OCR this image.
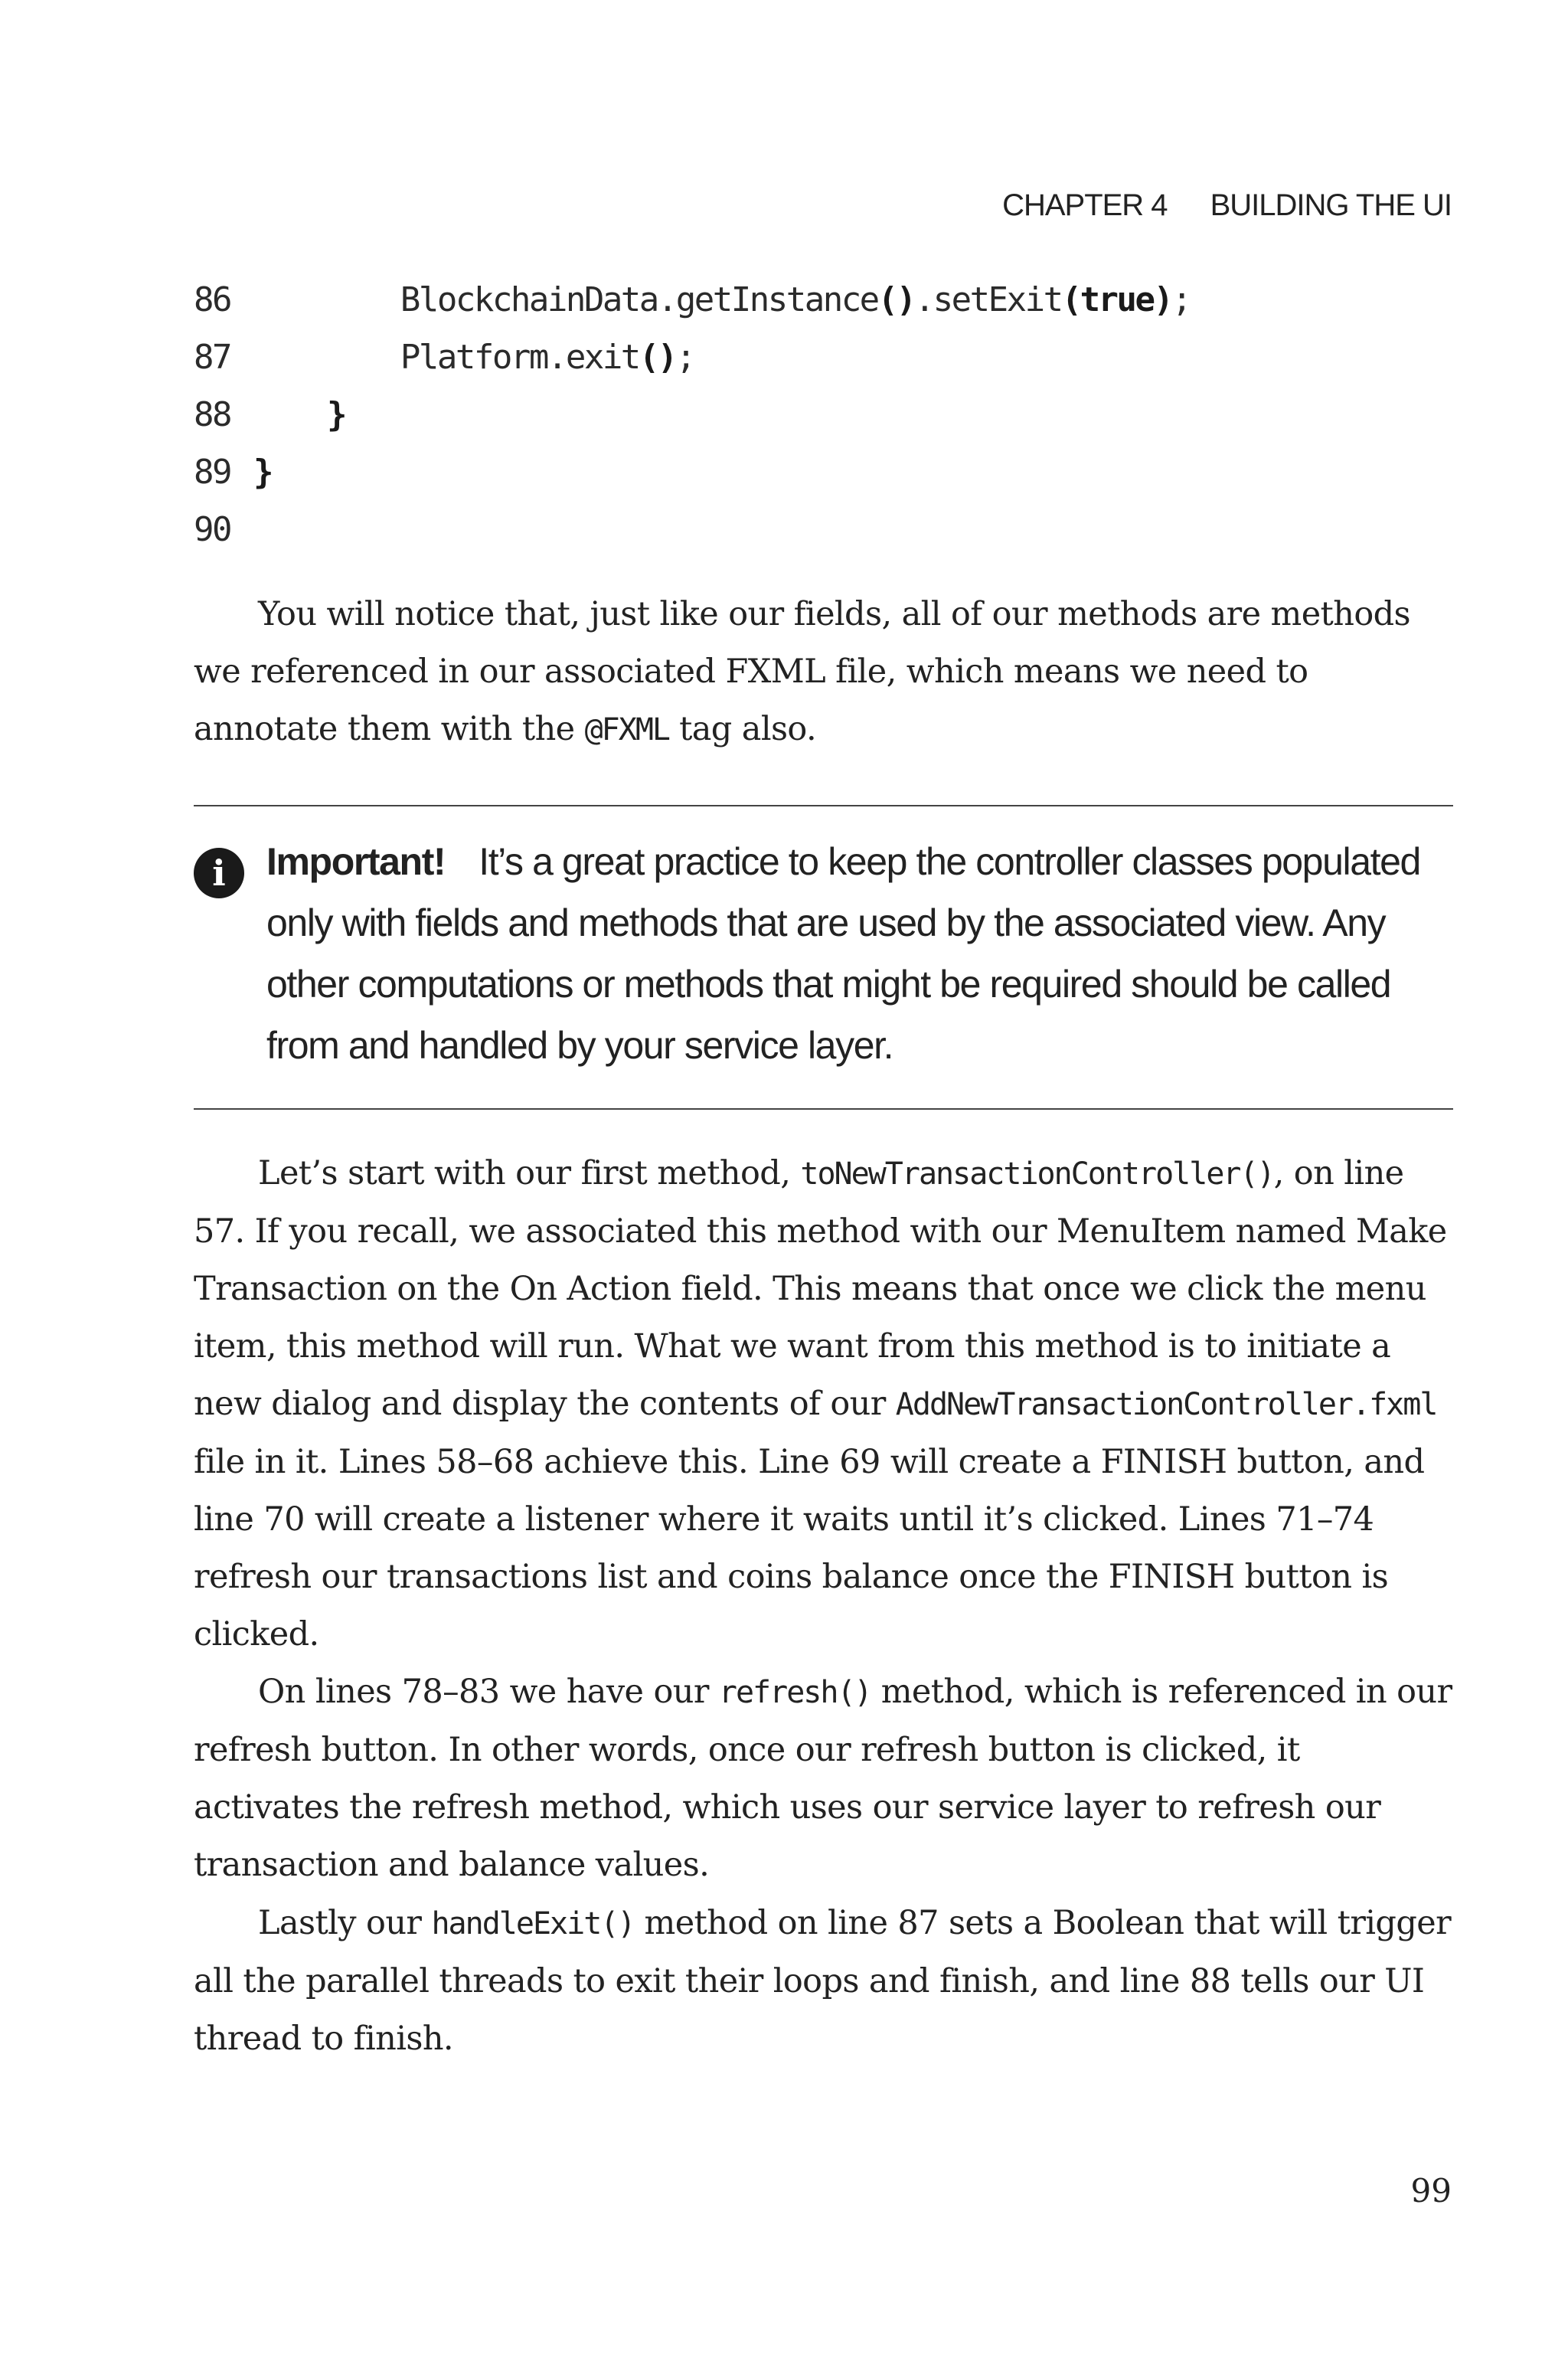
CHAPTER 4 BUILDING THE UI
86 BlockchainData.getInstance().setExit(true);
87 Platform.exit();
88	}
89 }
90
You will notice that, just like our fields, all of our methods are methods we referenced in our associated FXML file, which means we need to annotate them with the @FXML tag also.
i	Important! It’s a great practice to keep the controller classes populated only with fields and methods that are used by the associated view. Any other computations or methods that might be required should be called from and handled by your service layer.
Let’s start with our first method, toNewTransactionController(), on line 57. If you recall, we associated this method with our MenuItem named Make Transaction on the On Action field. This means that once we click the menu item, this method will run. What we want from this method is to initiate a new dialog and display the contents of our AddNewTransactionController.fxml file in it. Lines 58–68 achieve this. Line 69 will create a FINISH button, and line 70 will create a listener where it waits until it’s clicked. Lines 71–74 refresh our transactions list and coins balance once the FINISH button is clicked.
On lines 78–83 we have our refresh() method, which is referenced in our refresh button. In other words, once our refresh button is clicked, it activates the refresh method, which uses our service layer to refresh our transaction and balance values.
Lastly our handleExit() method on line 87 sets a Boolean that will trigger all the parallel threads to exit their loops and finish, and line 88 tells our UI thread to finish.
99
